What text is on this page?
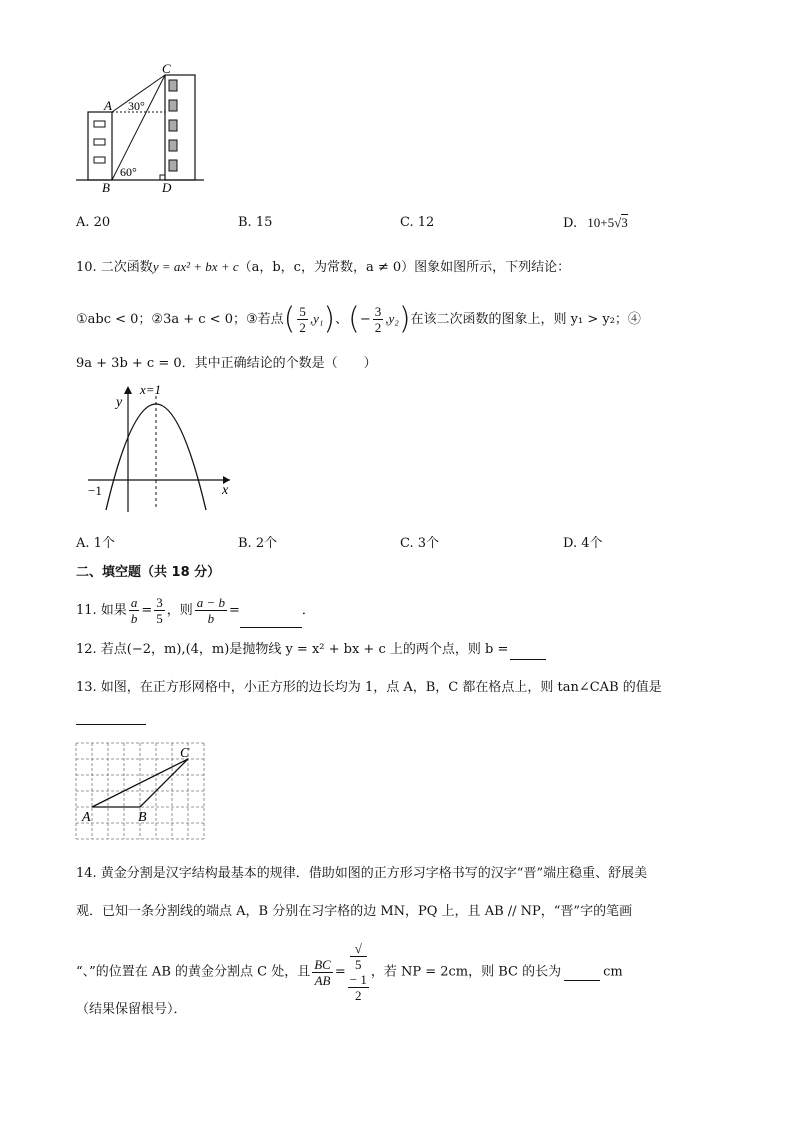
A
B
C
D
30°
60°
A. 20	B. 15	C. 12	D. 10+5√3
10. 二次函数y = ax² + bx + c（a，b，c，为常数，a ≠ 0）图象如图所示，下列结论：
①abc < 0；②3a + c < 0；③若点( $\frac{5}{2} ,y_1$)、(− $\frac{3}{2} ,y_2$)在该二次函数的图象上，则 y₁ > y₂；④
9a + 3b + c = 0．其中正确结论的个数是（　　）
y
x
x=1
−1
A. 1个	B. 2个	C. 3个	D. 4个
二、填空题（共 18 分）
11. 如果 $\frac{a}{b} = \frac{3}{5}$ ，则 $\frac{a - b}{b}$ =	．
12. 若点(−2，m),(4，m)是抛物线 y = x² + bx + c 上的两个点，则 b =
13. 如图，在正方形网格中，小正方形的边长均为 1，点 A，B，C 都在格点上，则 tan∠CAB 的值是
A	B
C
14. 黄金分割是汉字结构最基本的规律．借助如图的正方形习字格书写的汉字“晋”端庄稳重、舒展美
观．已知一条分割线的端点 A，B 分别在习字格的边 MN，PQ 上，且 AB // NP，“晋”字的笔画
“、”的位置在 AB 的黄金分割点 C 处，且 $\frac{BC}{AB}$ = √
5
− 1
2 ，若 NP = 2cm，则 BC 的长为	cm
（结果保留根号）．
